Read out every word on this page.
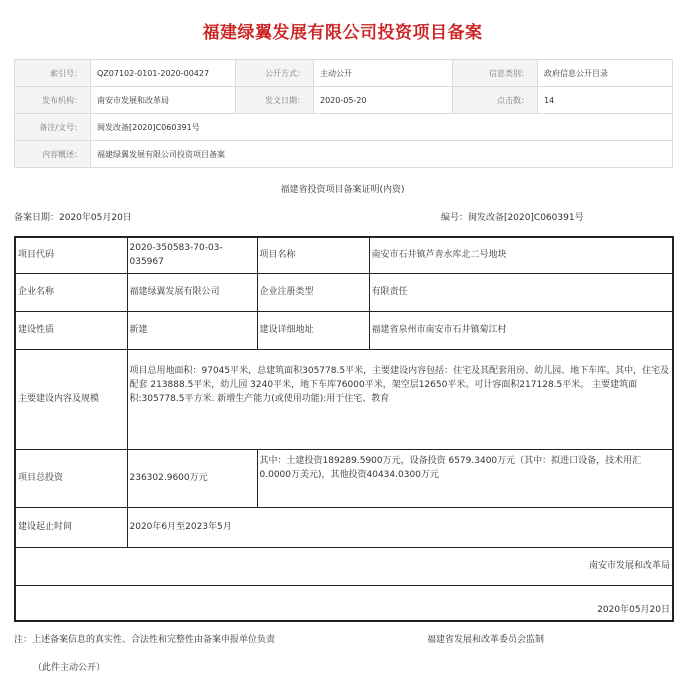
福建绿翼发展有限公司投资项目备案
索引号：	QZ07102-0101-2020-00427	公开方式：	主动公开	信息类别：	政府信息公开目录
发布机构：	南安市发展和改革局	发文日期：	2020-05-20	点击数：	14
备注/文号：	闽发改备[2020]C060391号				
内容概述：	福建绿翼发展有限公司投资项目备案				
福建省投资项目备案证明(内资)
备案日期：2020年05月20日	编号：闽发改备[2020]C060391号
项目代码	2020-350583-70-03-035967	项目名称	南安市石井镇芦青水库北二号地块
企业名称	福建绿翼发展有限公司	企业注册类型	有限责任
建设性质	新建	建设详细地址	福建省泉州市南安市石井镇菊江村
主要建设内容及规模	项目总用地面积：97045平米，总建筑面积305778.5平米，主要建设内容包括：住宅及其配套用房、幼儿园、地下车库。其中，住宅及配套 213888.5平米，幼儿园 3240平米，地下车库76000平米，架空层12650平米。可计容面积217128.5平米。 主要建筑面积:305778.5平方米. 新增生产能力(或使用功能):用于住宅、教育		
项目总投资	236302.9600万元	其中：土建投资189289.5900万元，设备投资 6579.3400万元（其中：拟进口设备，技术用汇 0.0000万美元)，其他投资40434.0300万元	
建设起止时间	2020年6月至2023年5月		
南安市发展和改革局			
2020年05月20日			
注：上述备案信息的真实性、合法性和完整性由备案申报单位负责	福建省发展和改革委员会监制
（此件主动公开）
